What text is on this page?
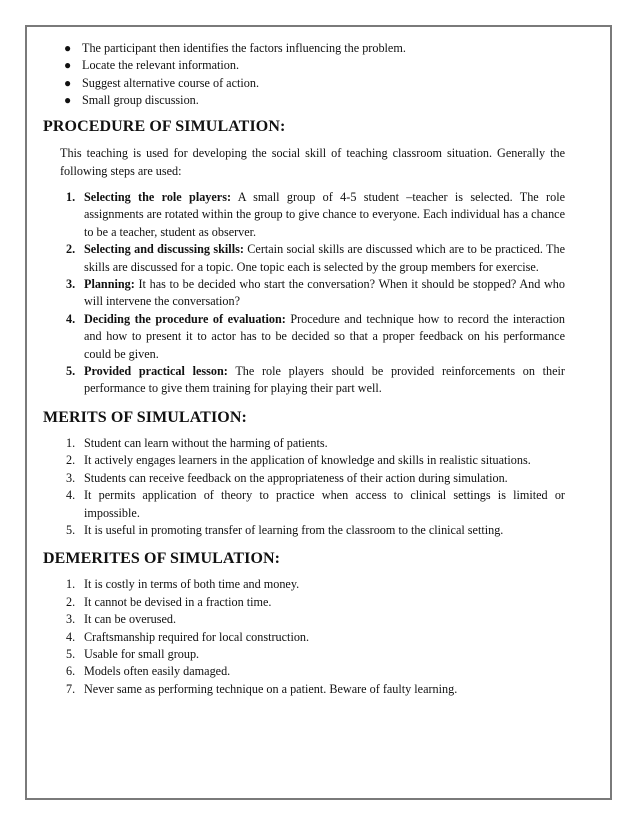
● The participant then identifies the factors influencing the problem.
● Locate the relevant information.
● Suggest alternative course of action.
● Small group discussion.
PROCEDURE OF SIMULATION:

This teaching is used for developing the social skill of teaching classroom situation. Generally the following steps are used:

1. Selecting the role players: A small group of 4-5 student –teacher is selected. The role assignments are rotated within the group to give chance to everyone. Each individual has a chance to be a teacher, student as observer.
2. Selecting and discussing skills: Certain social skills are discussed which are to be practiced. The skills are discussed for a topic. One topic each is selected by the group members for exercise.
3. Planning: It has to be decided who start the conversation? When it should be stopped? And who will intervene the conversation?
4. Deciding the procedure of evaluation: Procedure and technique how to record the interaction and how to present it to actor has to be decided so that a proper feedback on his performance could be given.
5. Provided practical lesson: The role players should be provided reinforcements on their performance to give them training for playing their part well.
MERITS OF SIMULATION:
1. Student can learn without the harming of patients.
2. It actively engages learners in the application of knowledge and skills in realistic situations.
3. Students can receive feedback on the appropriateness of their action during simulation.
4. It permits application of theory to practice when access to clinical settings is limited or impossible.
5. It is useful in promoting transfer of learning from the classroom to the clinical setting.
DEMERITES OF SIMULATION:
1. It is costly in terms of both time and money.
2. It cannot be devised in a fraction time.
3. It can be overused.
4. Craftsmanship required for local construction.
5. Usable for small group.
6. Models often easily damaged.
7. Never same as performing technique on a patient. Beware of faulty learning.
